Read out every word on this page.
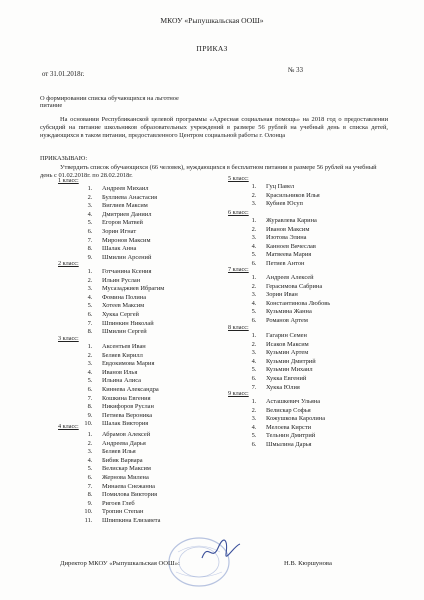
МКОУ «Рыпушкальская ООШ»
ПРИКАЗ
от 31.01.2018г.
№ 33
О формировании списка обучающихся на льготное питание
На основании Республиканской целевой программы «Адресная социальная помощь» на 2018 год о предоставлении субсидий на питание школьников образовательных учреждений в размере 56 рублей на учебный день в списка детей, нуждающихся в таком питании, предоставленного Центром социальной работы г. Олонца
ПРИКАЗЫВАЮ:
Утвердить список обучающихся (66 человек), нуждающихся в бесплатном питании в размере 56 рублей на учебный день с 01.02.2018г. по 28.02.2018г.
1 класс:
1. Андреев Михаил
2. Буллиева Анастасия
3. Виглиев Максим
4. Дмитриев Даниил
5. Егоров Матвей
6. Зорин Игнат
7. Миронов Максим
8. Шалак Анна
9. Шмилин Арсений
2 класс:
1. Готчанина Ксения
2. Ильин Руслан
3. Мусазаджиев Ибрагим
4. Фомина Полина
5. Хотеев Максим
6. Хукка Сергей
7. Шпинкин Николай
8. Шмилин Сергей
3 класс:
1. Аксентьев Иван
2. Беляев Кирилл
3. Евдокимова Мария
4. Иванов Илья
5. Ильина Алиса
6. Киннева Александра
7. Кошкина Евгения
8. Никифоров Руслан
9. Петиева Вероника
10. Шалак Виктория
4 класс:
1. Абрамов Алексей
2. Андреева Дарья
3. Беляев Илья
4. Бибик Варвара
5. Велискар Максим
6. Жернова Милена
7. Минаева Снежанна
8. Помилова Виктория
9. Ригоев Глеб
10. Тропин Степан
11. Шпипкина Елизавета
5 класс:
1. Гуц Павел
2. Красильников Илья
3. Кубиев Юсуп
6 класс:
1. Журавлева Карина
2. Иванов Максим
3. Изотова Элина
4. Канноев Вячеслав
5. Матвеева Мария
6. Петиев Антон
7 класс:
1. Андреев Алексей
2. Герасимова Сабрина
3. Зорин Иван
4. Константинова Любовь
5. Кузьмина Жанна
6. Романов Артем
8 класс:
1. Гагарин Семен
2. Исаков Максим
3. Кузьмин Артем
4. Кузьмин Дмитрий
5. Кузьмин Михаил
6. Хукка Евгений
7. Хукка Юлия
9 класс:
1. Асташкевич Ульяна
2. Велискар Софья
3. Кожушкова Каролина
4. Мелоева Кирсти
5. Тельнин Дмитрий
6. Шмылина Дарья
Директор МКОУ «Рыпушкальская ООШ»:	Н.В. Кюршунова
